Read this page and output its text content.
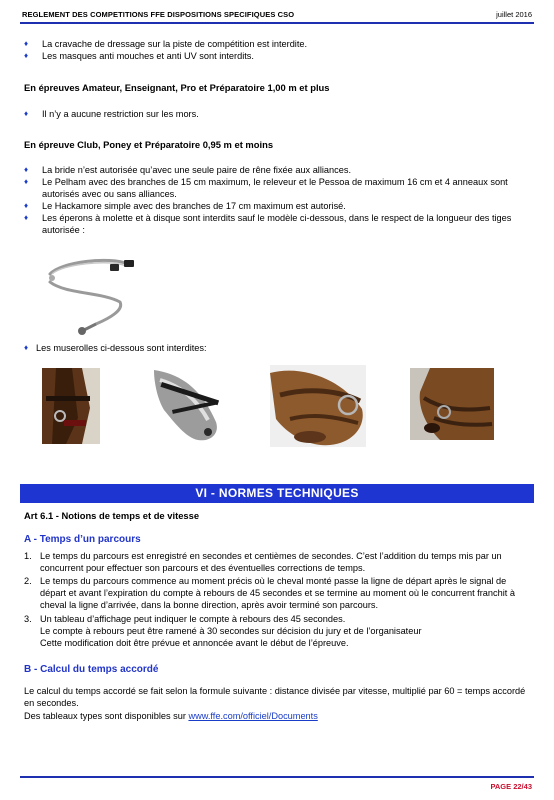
REGLEMENT DES COMPETITIONS FFE DISPOSITIONS SPECIFIQUES CSO	juillet 2016
♦	La cravache de dressage sur la piste de compétition est interdite.
♦	Les masques anti mouches et anti UV sont interdits.
En épreuves Amateur, Enseignant, Pro et Préparatoire 1,00 m et plus
♦	Il n’y a aucune restriction sur les mors.
En épreuve Club, Poney et Préparatoire 0,95 m et moins
♦	La bride n’est autorisée qu’avec une seule paire de rêne fixée aux alliances.
♦	Le Pelham avec des branches de 15 cm maximum, le releveur et le Pessoa de maximum 16 cm et 4 anneaux sont autorisés avec ou sans alliances.
♦	Le Hackamore simple avec des branches de 17 cm maximum est autorisé.
♦	Les éperons à molette et à disque sont interdits sauf le modèle ci-dessous, dans le respect de la longueur des tiges autorisée :
♦ Les muserolles ci-dessous sont interdites:
VI - NORMES TECHNIQUES
Art 6.1 - Notions de temps et de vitesse
A - Temps d’un parcours
1. Le temps du parcours est enregistré en secondes et centièmes de secondes. C’est l’addition du temps mis par un concurrent pour effectuer son parcours et des éventuelles corrections de temps.
2. Le temps du parcours commence au moment précis où le cheval monté passe la ligne de départ après le signal de départ et avant l’expiration du compte à rebours de 45 secondes et se termine au moment où le concurrent franchit à cheval la ligne d’arrivée, dans la bonne direction, après avoir terminé son parcours.
3. Un tableau d’affichage peut indiquer le compte à rebours des 45 secondes.
Le compte à rebours peut être ramené à 30 secondes sur décision du jury et de l’organisateur
Cette modification doit être prévue et annoncée avant le début de l’épreuve.
B - Calcul du temps accordé
Le calcul du temps accordé se fait selon la formule suivante : distance divisée par vitesse, multiplié par 60 = temps accordé en secondes.
Des tableaux types sont disponibles sur www.ffe.com/officiel/Documents
PAGE 22/43
